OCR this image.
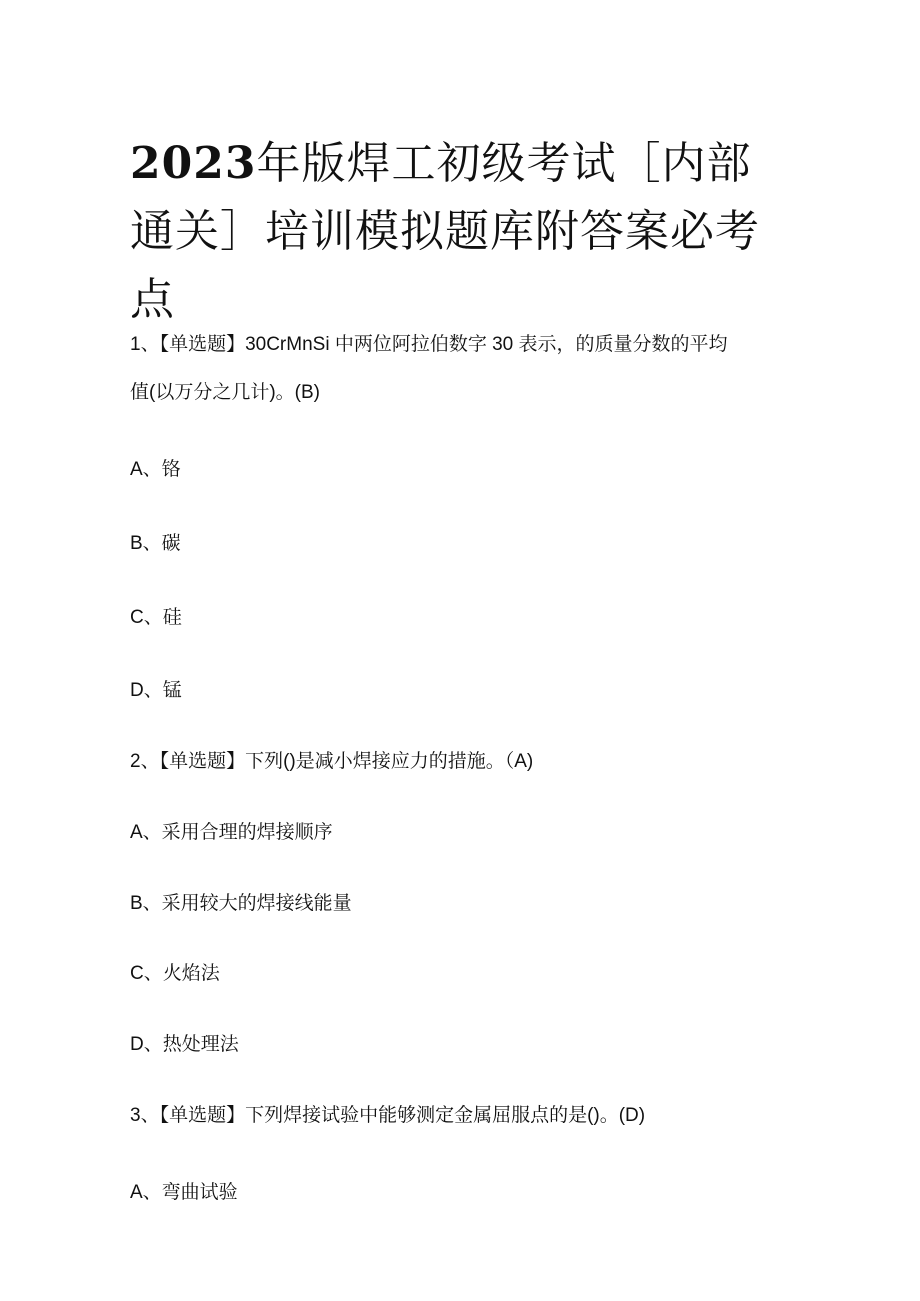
2023年版焊工初级考试［内部通关］培训模拟题库附答案必考点

1、【单选题】30CrMnSi 中两位阿拉伯数字 30 表示，的质量分数的平均

值(以万分之几计)。(B)

A、铬

B、碳

C、硅

D、锰

2、【单选题】下列()是减小焊接应力的措施。（A)

A、采用合理的焊接顺序

B、采用较大的焊接线能量

C、火焰法

D、热处理法

3、【单选题】下列焊接试验中能够测定金属屈服点的是()。(D)

A、弯曲试验
